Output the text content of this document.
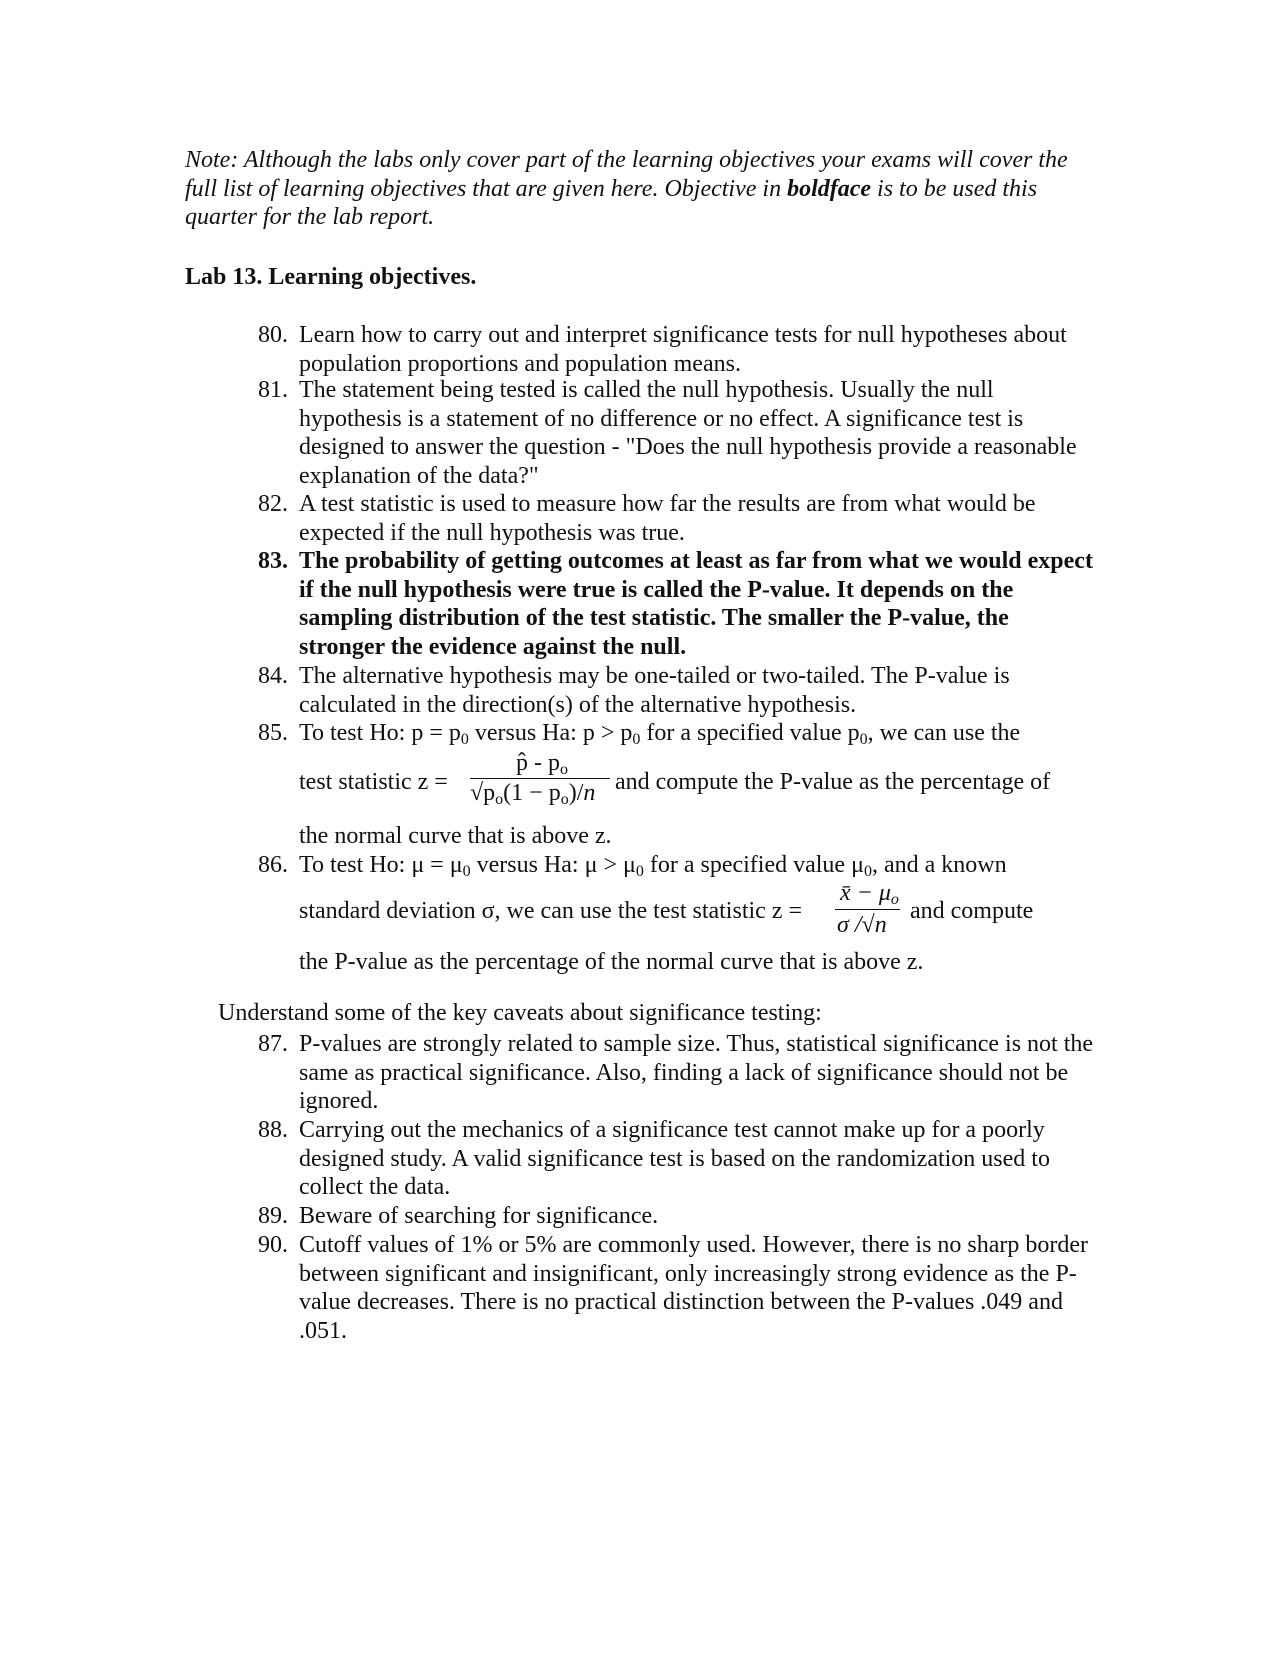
Note: Although the labs only cover part of the learning objectives your exams will cover the full list of learning objectives that are given here. Objective in boldface is to be used this quarter for the lab report.
Lab 13. Learning objectives.
80. Learn how to carry out and interpret significance tests for null hypotheses about population proportions and population means.
81. The statement being tested is called the null hypothesis. Usually the null hypothesis is a statement of no difference or no effect. A significance test is designed to answer the question - "Does the null hypothesis provide a reasonable explanation of the data?"
82. A test statistic is used to measure how far the results are from what would be expected if the null hypothesis was true.
83. The probability of getting outcomes at least as far from what we would expect if the null hypothesis were true is called the P-value. It depends on the sampling distribution of the test statistic. The smaller the P-value, the stronger the evidence against the null.
84. The alternative hypothesis may be one-tailed or two-tailed. The P-value is calculated in the direction(s) of the alternative hypothesis.
85. To test Ho: $p = p_0$ versus Ha: $p > p_0$ for a specified value $p_0$, we can use the
test statistic z =
p̂ - $p_o$
$√p_o(1 - p_o)/n$ and compute the P-value as the percentage of
the normal curve that is above z.
86. To test Ho: $\mu = \mu_0$ versus Ha: $\mu > \mu_0$ for a specified value $\mu_0$, and a known
standard deviation σ, we can use the test statistic z =
x̄ − $\mu_o$
σ /√n
and compute
the P-value as the percentage of the normal curve that is above z.
Understand some of the key caveats about significance testing:
87. P-values are strongly related to sample size. Thus, statistical significance is not the same as practical significance. Also, finding a lack of significance should not be ignored.
88. Carrying out the mechanics of a significance test cannot make up for a poorly designed study. A valid significance test is based on the randomization used to collect the data.
89. Beware of searching for significance.
90. Cutoff values of 1% or 5% are commonly used. However, there is no sharp border between significant and insignificant, only increasingly strong evidence as the P-value decreases. There is no practical distinction between the P-values .049 and .051.
